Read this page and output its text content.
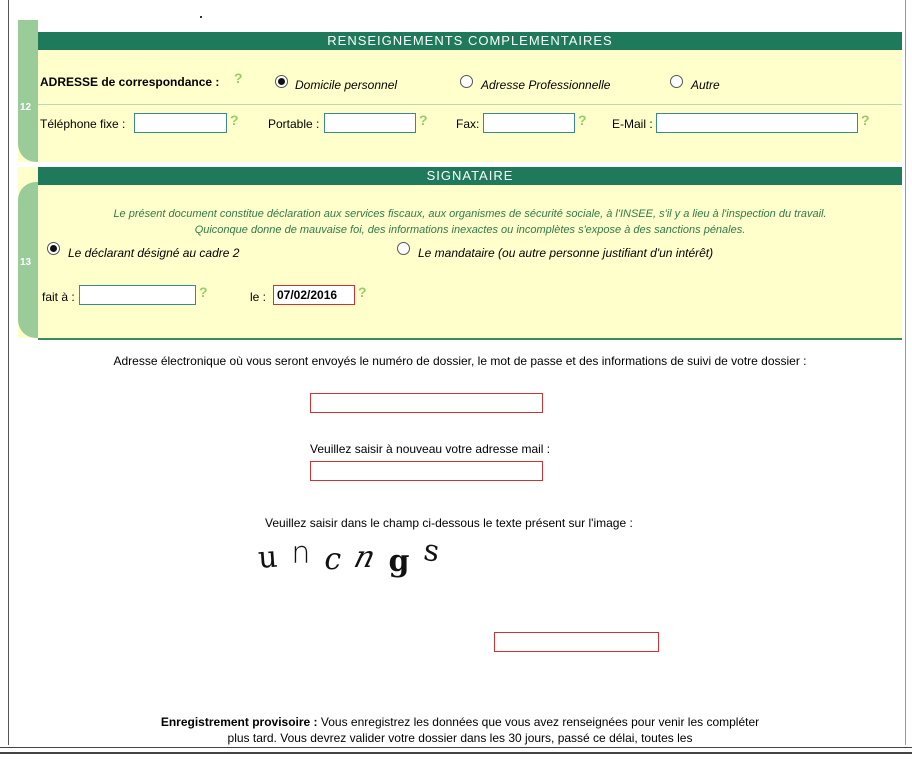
12
RENSEIGNEMENTS COMPLEMENTAIRES
ADRESSE de correspondance : ?	Domicile personnel	Adresse Professionnelle	Autre
Téléphone fixe :	? Portable :	? Fax:	? E-Mail :	?
13
SIGNATAIRE
Le présent document constitue déclaration aux services fiscaux, aux organismes de sécurité sociale, à l'INSEE, s'il y a lieu à l'inspection du travail.
Quiconque donne de mauvaise foi, des informations inexactes ou incomplètes s'expose à des sanctions pénales.
Le déclarant désigné au cadre 2	Le mandataire (ou autre personne justifiant d'un intérêt)
fait à :	?	le : 07/02/2016 ?
Adresse électronique où vous seront envoyés le numéro de dossier, le mot de passe et des informations de suivi de votre dossier :
Veuillez saisir à nouveau votre adresse mail :
Veuillez saisir dans le champ ci-dessous le texte présent sur l'image :
u n c n g s
Enregistrement provisoire : Vous enregistrez les données que vous avez renseignées pour venir les compléter plus tard. Vous devrez valider votre dossier dans les 30 jours, passé ce délai, toutes les
